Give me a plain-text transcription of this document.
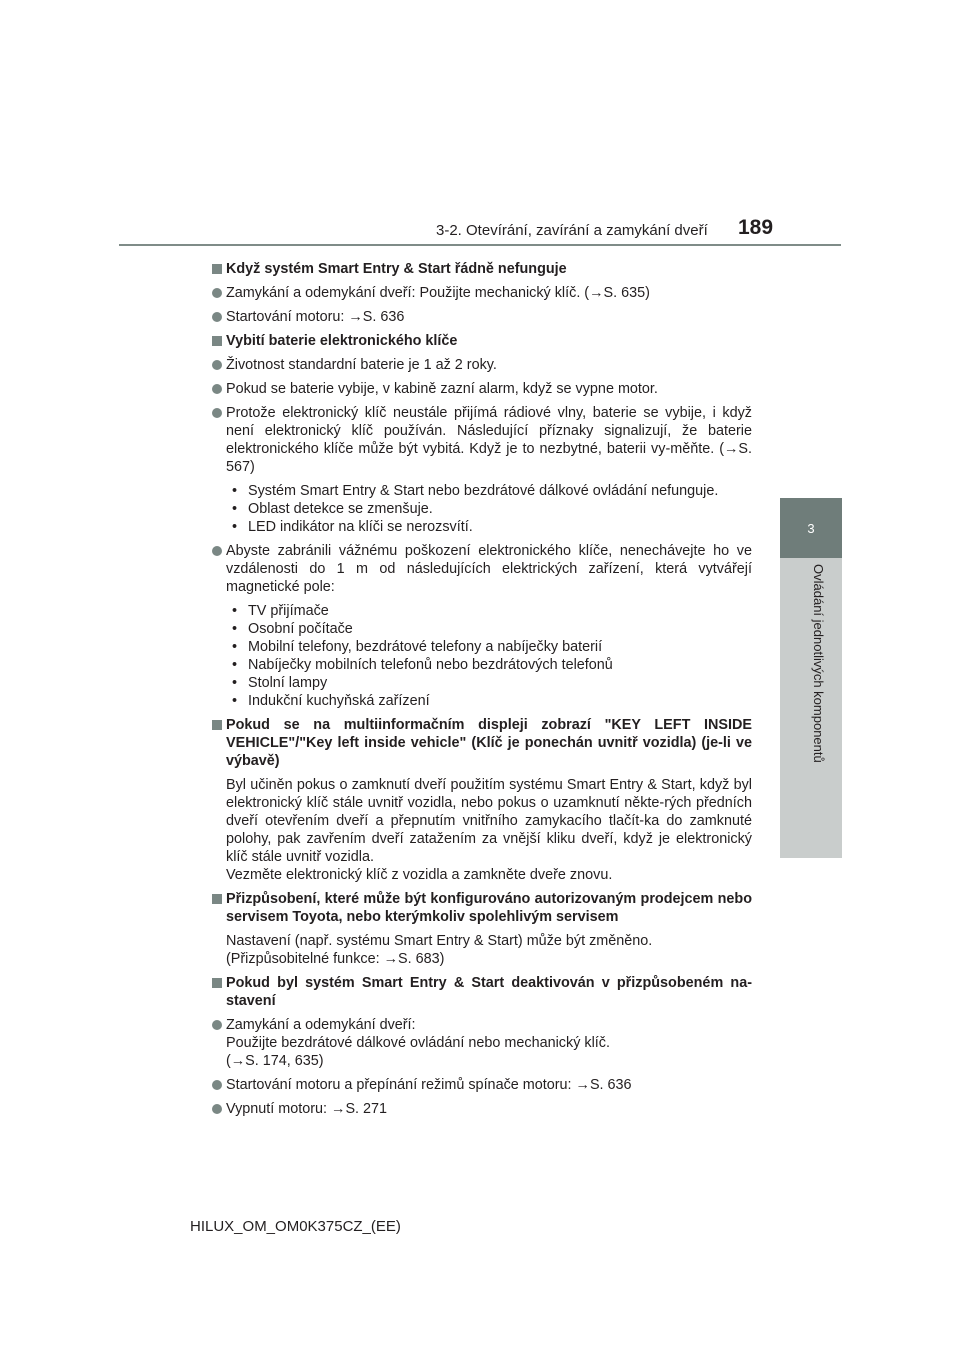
3-2. Otevírání, zavírání a zamykání dveří	189
3
Ovládání jednotlivých komponentů
Když systém Smart Entry & Start řádně nefunguje
Zamykání a odemykání dveří: Použijte mechanický klíč. (→S. 635)
Startování motoru: →S. 636
Vybití baterie elektronického klíče
Životnost standardní baterie je 1 až 2 roky.
Pokud se baterie vybije, v kabině zazní alarm, když se vypne motor.
Protože elektronický klíč neustále přijímá rádiové vlny, baterie se vybije, i když není elektronický klíč používán. Následující příznaky signalizují, že baterie elektronického klíče může být vybitá. Když je to nezbytné, baterii vy-měňte. (→S. 567)
• Systém Smart Entry & Start nebo bezdrátové dálkové ovládání nefunguje.
• Oblast detekce se zmenšuje.
• LED indikátor na klíči se nerozsvítí.
Abyste zabránili vážnému poškození elektronického klíče, nenechávejte ho ve vzdálenosti do 1 m od následujících elektrických zařízení, která vytvářejí magnetické pole:
• TV přijímače
• Osobní počítače
• Mobilní telefony, bezdrátové telefony a nabíječky baterií
• Nabíječky mobilních telefonů nebo bezdrátových telefonů
• Stolní lampy
• Indukční kuchyňská zařízení
Pokud se na multiinformačním displeji zobrazí "KEY LEFT INSIDE VEHICLE"/"Key left inside vehicle" (Klíč je ponechán uvnitř vozidla) (je-li ve výbavě)
Byl učiněn pokus o zamknutí dveří použitím systému Smart Entry & Start, když byl elektronický klíč stále uvnitř vozidla, nebo pokus o uzamknutí někte-rých předních dveří otevřením dveří a přepnutím vnitřního zamykacího tlačít-ka do zamknuté polohy, pak zavřením dveří zatažením za vnější kliku dveří, když je elektronický klíč stále uvnitř vozidla.
Vezměte elektronický klíč z vozidla a zamkněte dveře znovu.
Přizpůsobení, které může být konfigurováno autorizovaným prodejcem nebo servisem Toyota, nebo kterýmkoliv spolehlivým servisem
Nastavení (např. systému Smart Entry & Start) může být změněno.
(Přizpůsobitelné funkce: →S. 683)
Pokud byl systém Smart Entry & Start deaktivován v přizpůsobeném na-stavení
Zamykání a odemykání dveří:
Použijte bezdrátové dálkové ovládání nebo mechanický klíč.
(→S. 174, 635)
Startování motoru a přepínání režimů spínače motoru: →S. 636
Vypnutí motoru: →S. 271
HILUX_OM_OM0K375CZ_(EE)
